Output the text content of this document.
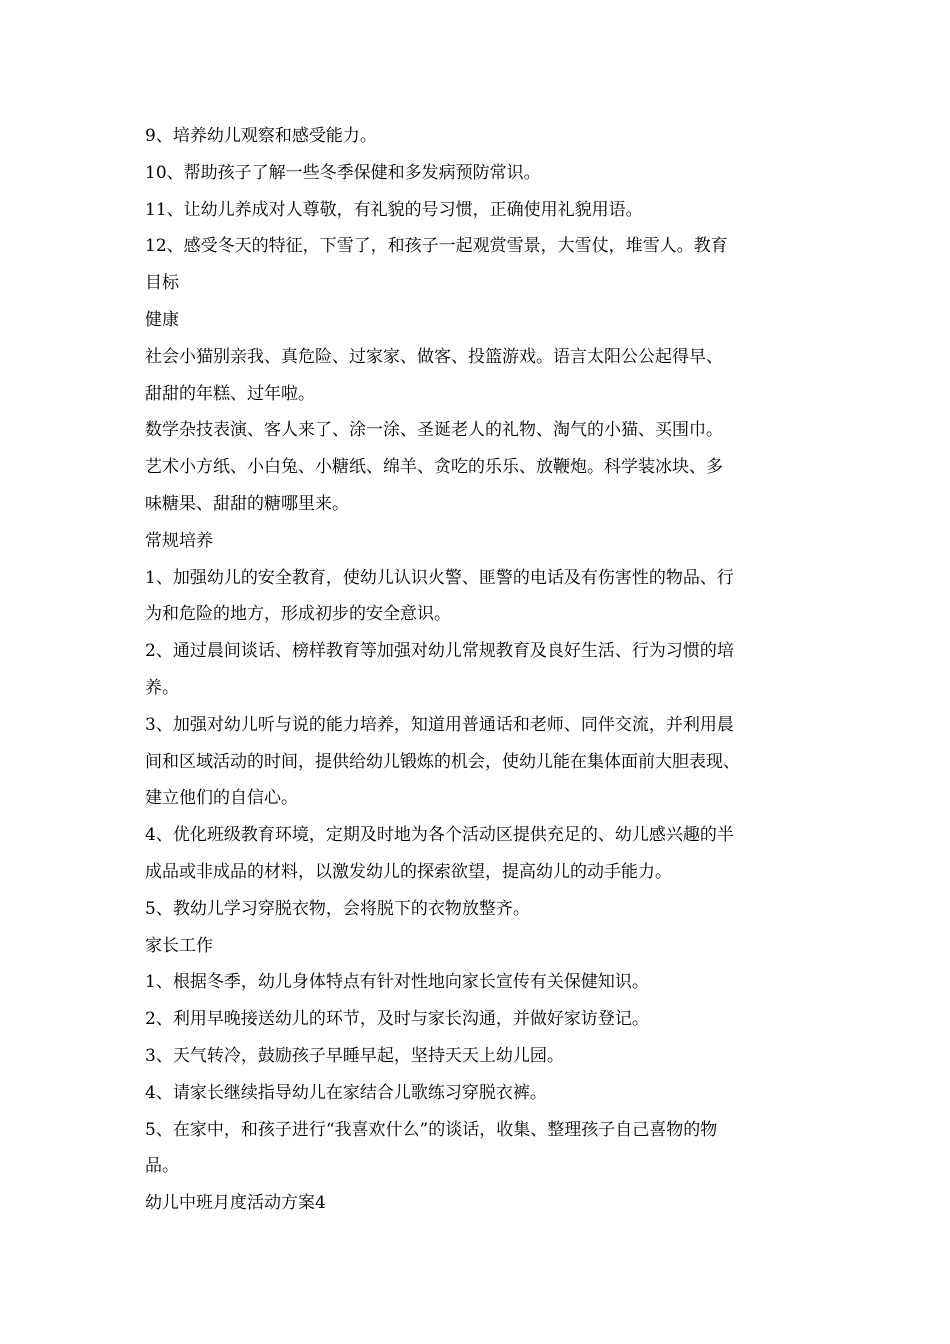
9、培养幼儿观察和感受能力。

10、帮助孩子了解一些冬季保健和多发病预防常识。

11、让幼儿养成对人尊敬，有礼貌的号习惯，正确使用礼貌用语。

12、感受冬天的特征，下雪了，和孩子一起观赏雪景，大雪仗，堆雪人。教育

目标

健康

社会小猫别亲我、真危险、过家家、做客、投篮游戏。语言太阳公公起得早、

甜甜的年糕、过年啦。

数学杂技表演、客人来了、涂一涂、圣诞老人的礼物、淘气的小猫、买围巾。

艺术小方纸、小白兔、小糖纸、绵羊、贪吃的乐乐、放鞭炮。科学装冰块、多

味糖果、甜甜的糖哪里来。

常规培养

1、加强幼儿的安全教育，使幼儿认识火警、匪警的电话及有伤害性的物品、行

为和危险的地方，形成初步的安全意识。

2、通过晨间谈话、榜样教育等加强对幼儿常规教育及良好生活、行为习惯的培

养。

3、加强对幼儿听与说的能力培养，知道用普通话和老师、同伴交流，并利用晨

间和区域活动的时间，提供给幼儿锻炼的机会，使幼儿能在集体面前大胆表现、

建立他们的自信心。

4、优化班级教育环境，定期及时地为各个活动区提供充足的、幼儿感兴趣的半

成品或非成品的材料，以激发幼儿的探索欲望，提高幼儿的动手能力。

5、教幼儿学习穿脱衣物，会将脱下的衣物放整齐。

家长工作

1、根据冬季，幼儿身体特点有针对性地向家长宣传有关保健知识。

2、利用早晚接送幼儿的环节，及时与家长沟通，并做好家访登记。

3、天气转冷，鼓励孩子早睡早起，坚持天天上幼儿园。

4、请家长继续指导幼儿在家结合儿歌练习穿脱衣裤。

5、在家中，和孩子进行“我喜欢什么”的谈话，收集、整理孩子自己喜物的物

品。

幼儿中班月度活动方案4
